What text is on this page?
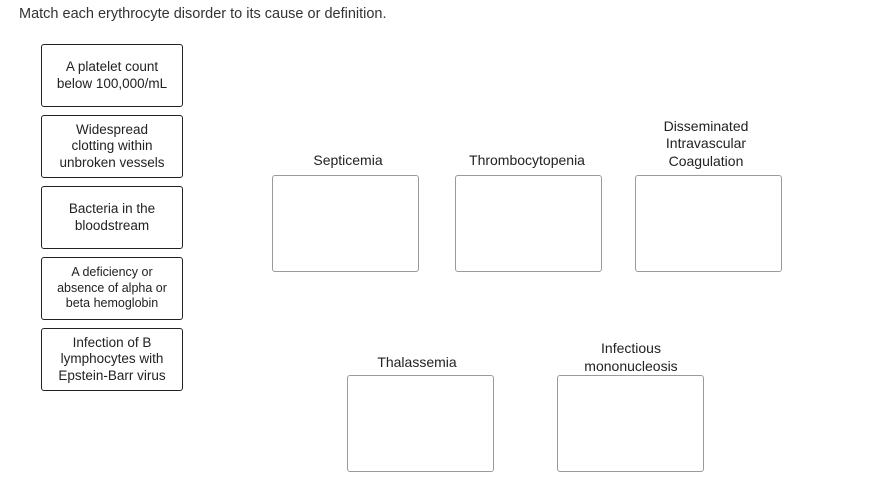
Match each erythrocyte disorder to its cause or definition.
A platelet count
below 100,000/mL
Widespread
clotting within
unbroken vessels
Bacteria in the
bloodstream
A deficiency or
absence of alpha or
beta hemoglobin
Infection of B
lymphocytes with
Epstein-Barr virus
Septicemia	Thrombocytopenia
Disseminated
Intravascular
Coagulation
Thalassemia
Infectious
mononucleosis
